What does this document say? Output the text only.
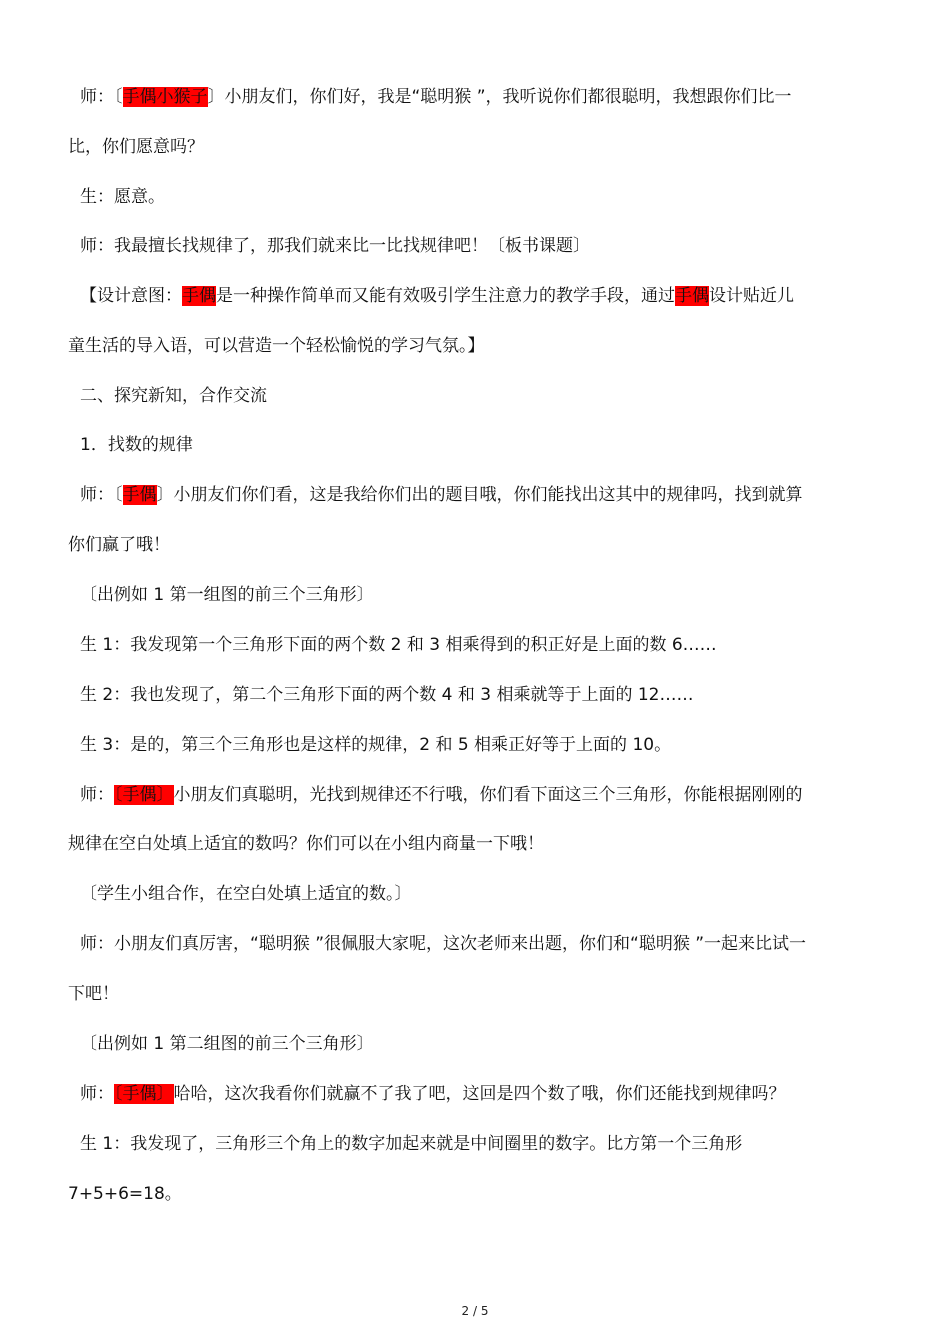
师：〔手偶小猴子〕小朋友们，你们好，我是“聪明猴 ”，我听说你们都很聪明，我想跟你们比一
比，你们愿意吗？
生：愿意。
师：我最擅长找规律了，那我们就来比一比找规律吧！〔板书课题〕
【设计意图：手偶是一种操作简单而又能有效吸引学生注意力的教学手段，通过手偶设计贴近儿
童生活的导入语，可以营造一个轻松愉悦的学习气氛。】
二、探究新知，合作交流
1．找数的规律
师：〔手偶〕小朋友们你们看，这是我给你们出的题目哦，你们能找出这其中的规律吗，找到就算
你们赢了哦！
〔出例如 1 第一组图的前三个三角形〕
生 1：我发现第一个三角形下面的两个数 2 和 3 相乘得到的积正好是上面的数 6……
生 2：我也发现了，第二个三角形下面的两个数 4 和 3 相乘就等于上面的 12……
生 3：是的，第三个三角形也是这样的规律，2 和 5 相乘正好等于上面的 10。
师：〔手偶〕小朋友们真聪明，光找到规律还不行哦，你们看下面这三个三角形，你能根据刚刚的
规律在空白处填上适宜的数吗？你们可以在小组内商量一下哦！
〔学生小组合作，在空白处填上适宜的数。〕
师：小朋友们真厉害，“聪明猴 ”很佩服大家呢，这次老师来出题，你们和“聪明猴 ”一起来比试一
下吧！
〔出例如 1 第二组图的前三个三角形〕
师：〔手偶〕哈哈，这次我看你们就赢不了我了吧，这回是四个数了哦，你们还能找到规律吗？
生 1：我发现了，三角形三个角上的数字加起来就是中间圈里的数字。比方第一个三角形
7+5+6=18。
2 / 5
